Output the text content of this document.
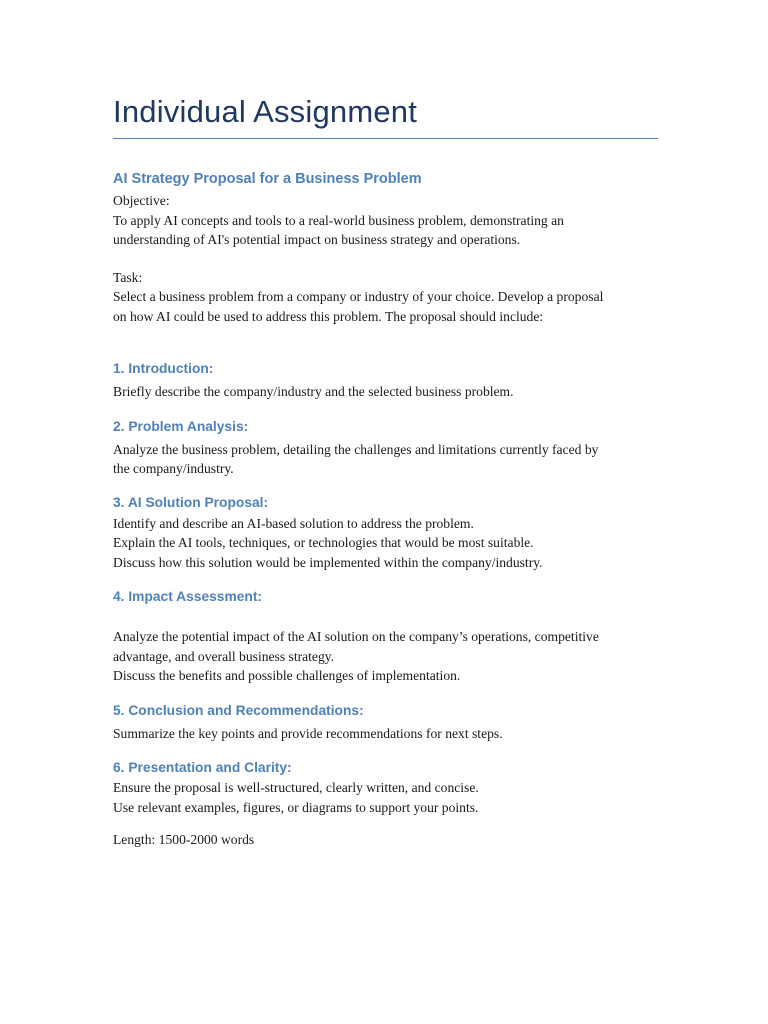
Individual Assignment
AI Strategy Proposal for a Business Problem
Objective:
To apply AI concepts and tools to a real-world business problem, demonstrating an
understanding of AI's potential impact on business strategy and operations.
Task:
Select a business problem from a company or industry of your choice. Develop a proposal
on how AI could be used to address this problem. The proposal should include:
1. Introduction:
Briefly describe the company/industry and the selected business problem.
2. Problem Analysis:
Analyze the business problem, detailing the challenges and limitations currently faced by
the company/industry.
3. AI Solution Proposal:
Identify and describe an AI-based solution to address the problem.
Explain the AI tools, techniques, or technologies that would be most suitable.
Discuss how this solution would be implemented within the company/industry.
4. Impact Assessment:
Analyze the potential impact of the AI solution on the company’s operations, competitive
advantage, and overall business strategy.
Discuss the benefits and possible challenges of implementation.
5. Conclusion and Recommendations:
Summarize the key points and provide recommendations for next steps.
6. Presentation and Clarity:
Ensure the proposal is well-structured, clearly written, and concise.
Use relevant examples, figures, or diagrams to support your points.
Length: 1500-2000 words
